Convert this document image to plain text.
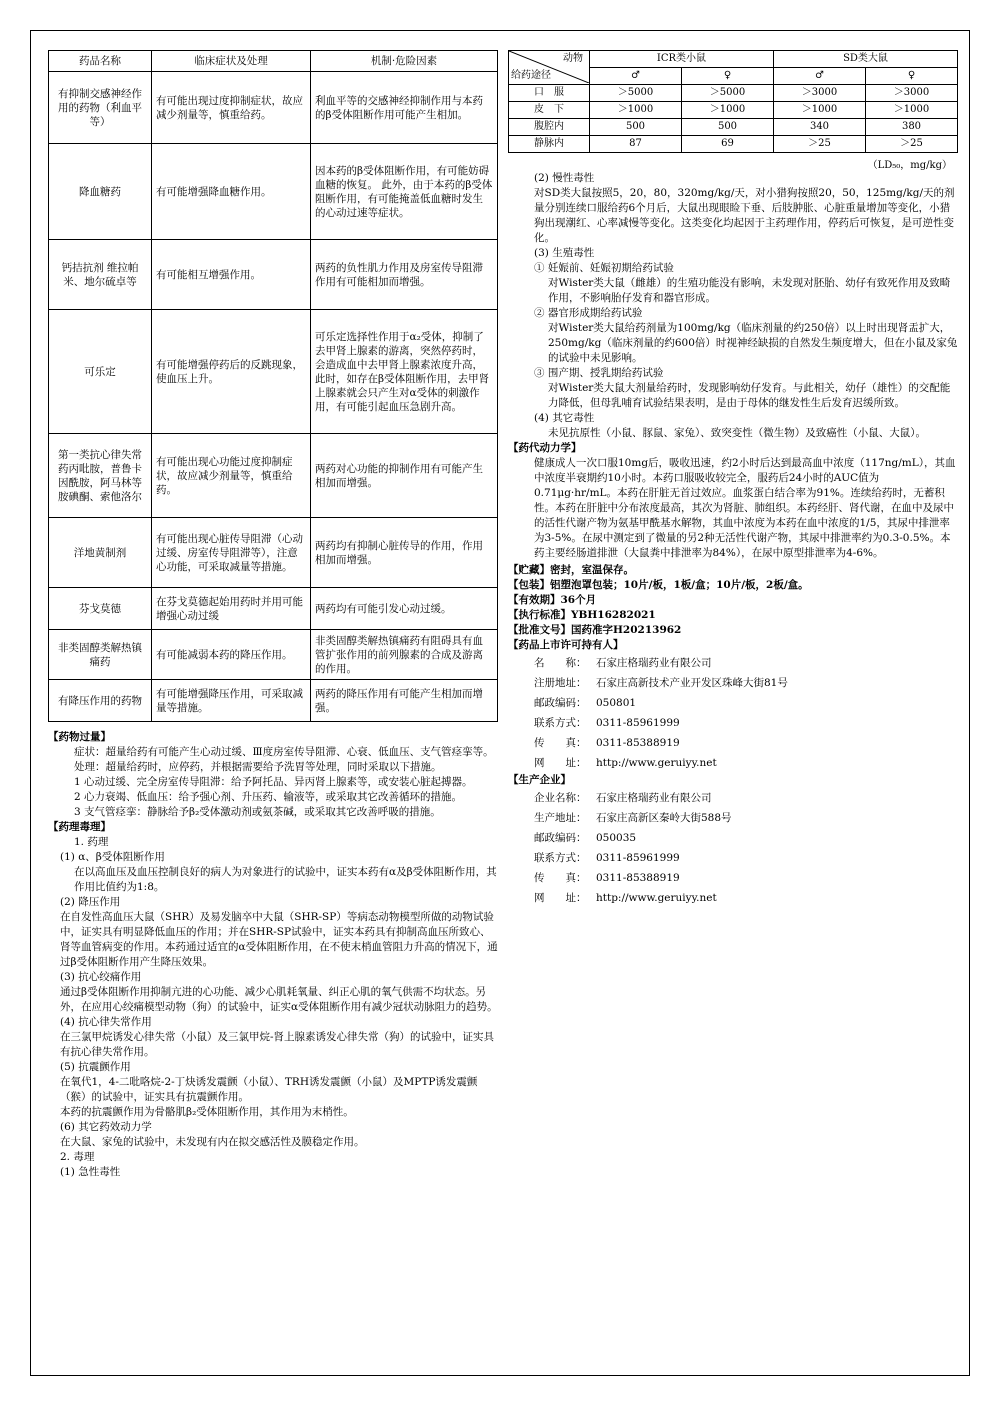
药品名称	临床症状及处理	机制·危险因素
有抑制交感神经作用的药物（利血平等）	有可能出现过度抑制症状，故应减少剂量等，慎重给药。	利血平等的交感神经抑制作用与本药的β受体阻断作用可能产生相加。
降血糖药	有可能增强降血糖作用。	因本药的β受体阻断作用，有可能妨碍血糖的恢复。 此外，由于本药的β受体阻断作用，有可能掩盖低血糖时发生的心动过速等症状。
钙拮抗剂 维拉帕米、地尔硫卓等	有可能相互增强作用。	两药的负性肌力作用及房室传导阻滞作用有可能相加而增强。
可乐定	有可能增强停药后的反跳现象，使血压上升。	可乐定选择性作用于α₂受体，抑制了去甲肾上腺素的游离，突然停药时，会造成血中去甲肾上腺素浓度升高，此时，如存在β受体阻断作用，去甲肾上腺素就会只产生对α受体的刺激作用，有可能引起血压急剧升高。
第一类抗心律失常药丙吡胺，普鲁卡因酰胺，阿马林等胺碘酮、索他洛尔	有可能出现心功能过度抑制症状，故应减少剂量等，慎重给药。	两药对心功能的抑制作用有可能产生相加而增强。
洋地黄制剂	有可能出现心脏传导阻滞（心动过缓、房室传导阻滞等），注意心功能，可采取减量等措施。	两药均有抑制心脏传导的作用，作用相加而增强。
芬戈莫德	在芬戈莫德起始用药时并用可能增强心动过缓	两药均有可能引发心动过缓。
非类固醇类解热镇痛药	有可能减弱本药的降压作用。	非类固醇类解热镇痛药有阻碍具有血管扩张作用的前列腺素的合成及游离的作用。
有降压作用的药物	有可能增强降压作用，可采取减量等措施。	两药的降压作用有可能产生相加而增强。

【药物过量】

症状：超量给药有可能产生心动过缓、Ⅲ度房室传导阻滞、心衰、低血压、支气管痉挛等。

处理：超量给药时，应停药，并根据需要给予洗胃等处理，同时采取以下措施。

1 心动过缓、完全房室传导阻滞：给予阿托品、异丙肾上腺素等，或安装心脏起搏器。

2 心力衰竭、低血压：给予强心剂、升压药、输液等，或采取其它改善循环的措施。

3 支气管痉挛：静脉给予β₂受体激动剂或氨茶碱，或采取其它改善呼吸的措施。

【药理毒理】

1. 药理

(1) α、β受体阻断作用

在以高血压及血压控制良好的病人为对象进行的试验中，证实本药有α及β受体阻断作用，其作用比值约为1:8。

(2) 降压作用

在自发性高血压大鼠（SHR）及易发脑卒中大鼠（SHR-SP）等病态动物模型所做的动物试验中，证实具有明显降低血压的作用；并在SHR-SP试验中，证实本药具有抑制高血压所致心、肾等血管病变的作用。本药通过适宜的α受体阻断作用，在不使末梢血管阻力升高的情况下，通过β受体阻断作用产生降压效果。

(3) 抗心绞痛作用

通过β受体阻断作用抑制亢进的心功能、减少心肌耗氧量、纠正心肌的氧气供需不均状态。另外，在应用心绞痛模型动物（狗）的试验中，证实α受体阻断作用有减少冠状动脉阻力的趋势。

(4) 抗心律失常作用

在三氯甲烷诱发心律失常（小鼠）及三氯甲烷-肾上腺素诱发心律失常（狗）的试验中，证实具有抗心律失常作用。

(5) 抗震颤作用

在氧代1，4-二吡咯烷-2-丁炔诱发震颤（小鼠）、TRH诱发震颤（小鼠）及MPTP诱发震颤（猴）的试验中，证实具有抗震颤作用。

本药的抗震颤作用为骨骼肌β₂受体阻断作用，其作用为末梢性。

(6) 其它药效动力学

在大鼠、家兔的试验中，未发现有内在拟交感活性及膜稳定作用。

2. 毒理

(1) 急性毒性

动物
给药途径	ICR类小鼠		SD类大鼠	
	♂	♀	♂	♀
口　服	＞5000	＞5000	＞3000	＞3000
皮　下	＞1000	＞1000	＞1000	＞1000
腹腔内	500	500	340	380
静脉内	87	69	＞25	＞25

（LD₅₀，mg/kg）

(2) 慢性毒性

对SD类大鼠按照5，20，80，320mg/kg/天，对小猎狗按照20，50，125mg/kg/天的剂量分别连续口服给药6个月后，大鼠出现眼睑下垂、后肢肿胀、心脏重量增加等变化，小猎狗出现潮红、心率减慢等变化。这类变化均起因于主药理作用，停药后可恢复，是可逆性变化。

(3) 生殖毒性

① 妊娠前、妊娠初期给药试验

对Wister类大鼠（雌雄）的生殖功能没有影响，未发现对胚胎、幼仔有致死作用及致畸作用，不影响胎仔发育和器官形成。

② 器官形成期给药试验

对Wister类大鼠给药剂量为100mg/kg（临床剂量的约250倍）以上时出现肾盂扩大，250mg/kg（临床剂量的约600倍）时视神经缺损的自然发生频度增大，但在小鼠及家兔的试验中未见影响。

③ 围产期、授乳期给药试验

对Wister类大鼠大剂量给药时，发现影响幼仔发育。与此相关，幼仔（雄性）的交配能力降低，但母乳哺育试验结果表明，是由于母体的继发性生后发育迟缓所致。

(4) 其它毒性

未见抗原性（小鼠、豚鼠、家兔）、致突变性（微生物）及致癌性（小鼠、大鼠）。

【药代动力学】

健康成人一次口服10mg后，吸收迅速，约2小时后达到最高血中浓度（117ng/mL），其血中浓度半衰期约10小时。本药口服吸收较完全，服药后24小时的AUC值为0.71μg·hr/mL。本药在肝脏无首过效应。血浆蛋白结合率为91%。连续给药时，无蓄积性。本药在肝脏中分布浓度最高，其次为肾脏、肺组织。本药经肝、肾代谢，在血中及尿中的活性代谢产物为氨基甲酰基水解物，其血中浓度为本药在血中浓度的1/5，其尿中排泄率为3-5%。在尿中测定到了微量的另2种无活性代谢产物，其尿中排泄率约为0.3-0.5%。本药主要经肠道排泄（大鼠粪中排泄率为84%），在尿中原型排泄率为4-6%。

【贮藏】密封，室温保存。

【包装】铝塑泡罩包装；10片/板，1板/盒；10片/板，2板/盒。

【有效期】36个月

【执行标准】YBH16282021

【批准文号】国药准字H20213962

【药品上市许可持有人】

名　　称： 石家庄格瑞药业有限公司
注册地址： 石家庄高新技术产业开发区珠峰大街81号
邮政编码： 050801
联系方式： 0311-85961999
传　　真： 0311-85388919
网　　址： http://www.geruiyy.net

【生产企业】

企业名称： 石家庄格瑞药业有限公司
生产地址： 石家庄高新区秦岭大街588号
邮政编码： 050035
联系方式： 0311-85961999
传　　真： 0311-85388919
网　　址： http://www.geruiyy.net
